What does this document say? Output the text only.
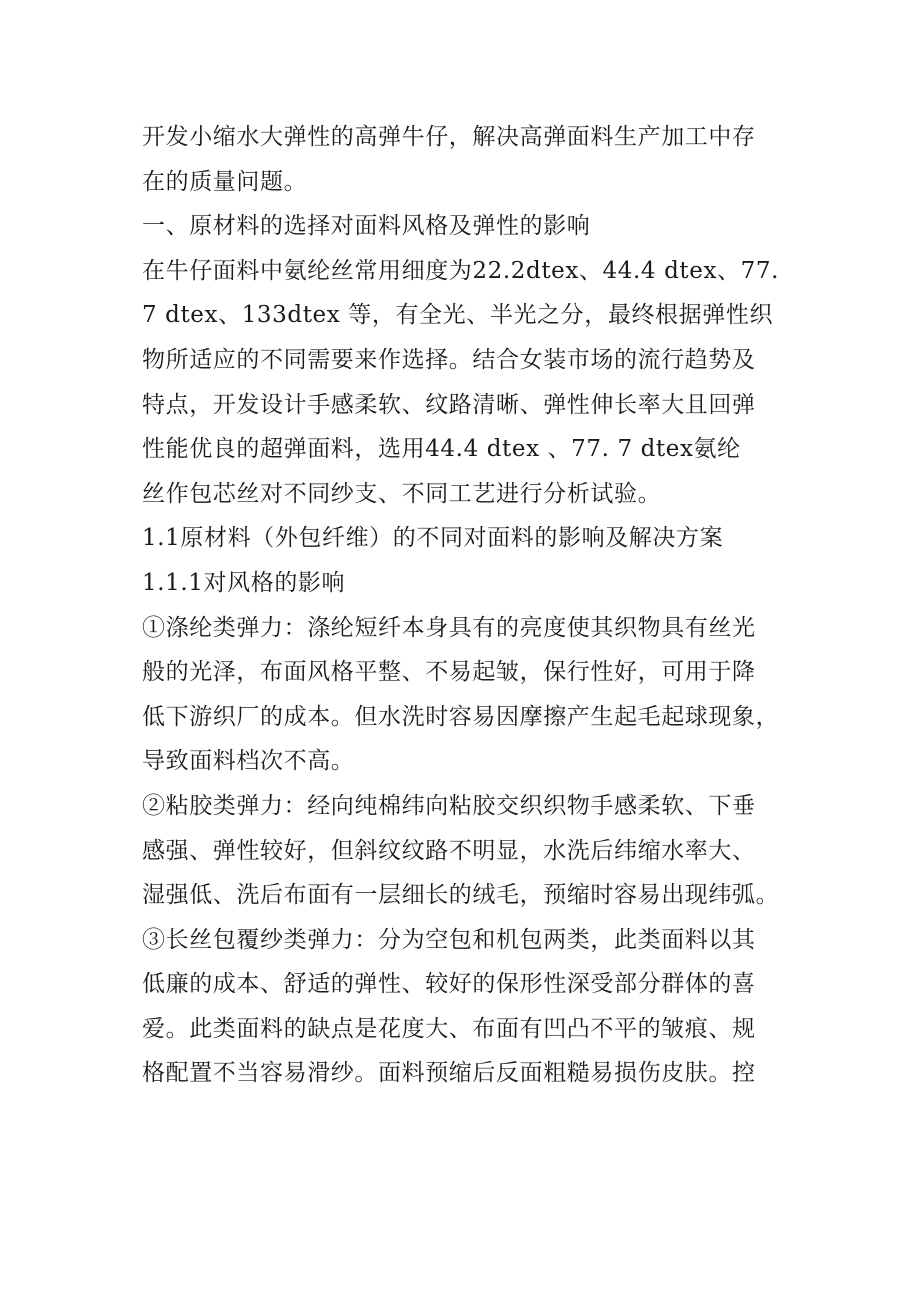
开发小缩水大弹性的高弹牛仔，解决高弹面料生产加工中存
在的质量问题。
一、原材料的选择对面料风格及弹性的影响
在牛仔面料中氨纶丝常用细度为22.2dtex、44.4 dtex、77.
7 dtex、133dtex 等，有全光、半光之分，最终根据弹性织
物所适应的不同需要来作选择。结合女装市场的流行趋势及
特点，开发设计手感柔软、纹路清晰、弹性伸长率大且回弹
性能优良的超弹面料，选用44.4 dtex 、77. 7 dtex氨纶
丝作包芯丝对不同纱支、不同工艺进行分析试验。
1.1原材料（外包纤维）的不同对面料的影响及解决方案
1.1.1对风格的影响
①涤纶类弹力：涤纶短纤本身具有的亮度使其织物具有丝光
般的光泽，布面风格平整、不易起皱，保行性好，可用于降
低下游织厂的成本。但水洗时容易因摩擦产生起毛起球现象，
导致面料档次不高。
②粘胶类弹力：经向纯棉纬向粘胶交织织物手感柔软、下垂
感强、弹性较好，但斜纹纹路不明显，水洗后纬缩水率大、
湿强低、洗后布面有一层细长的绒毛，预缩时容易出现纬弧。
③长丝包覆纱类弹力：分为空包和机包两类，此类面料以其
低廉的成本、舒适的弹性、较好的保形性深受部分群体的喜
爱。此类面料的缺点是花度大、布面有凹凸不平的皱痕、规
格配置不当容易滑纱。面料预缩后反面粗糙易损伤皮肤。控
